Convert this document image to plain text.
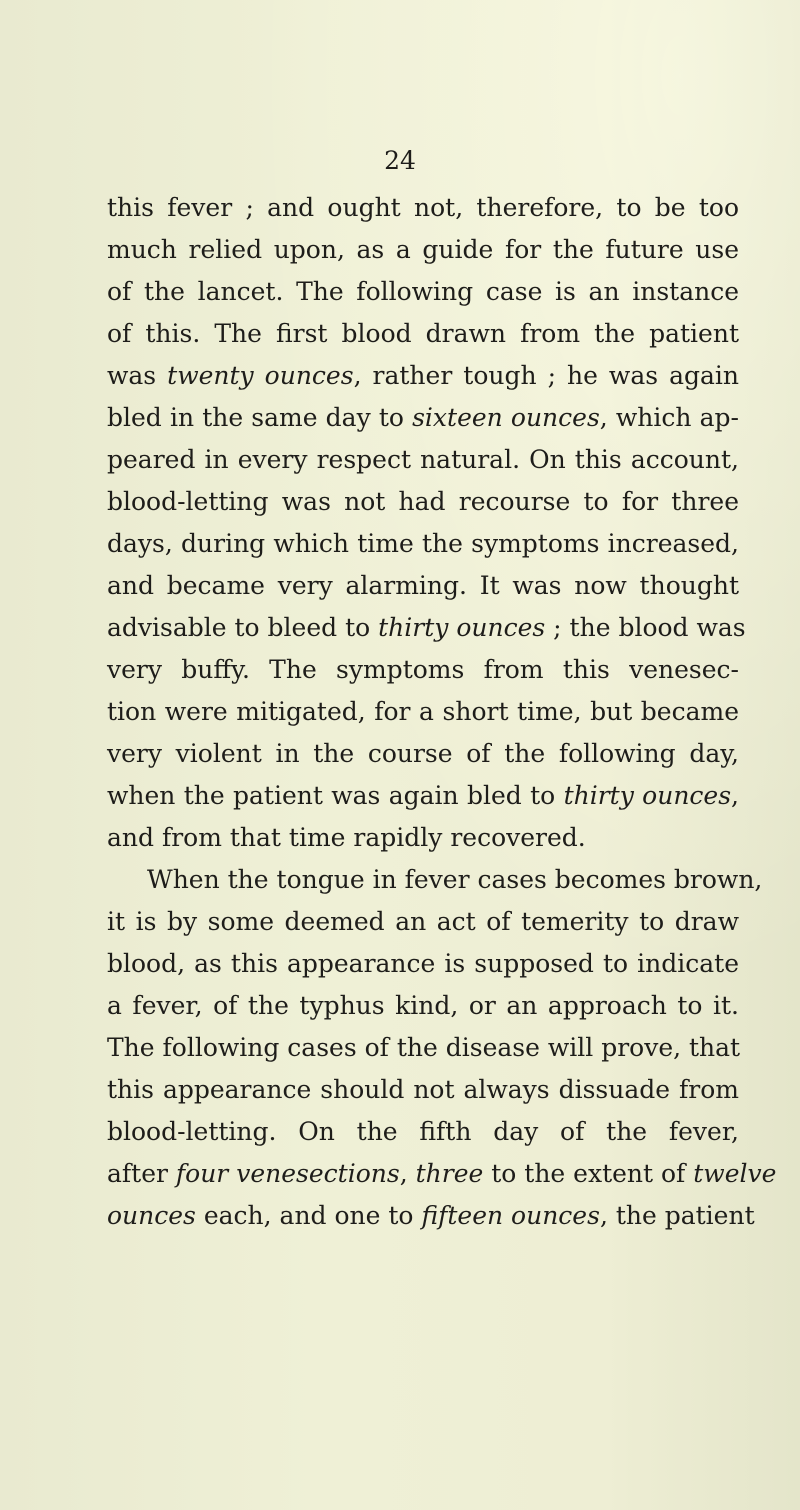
24
this fever ; and ought not, therefore, to be too
much relied upon, as a guide for the future use
of the lancet. The following case is an instance
of this. The first blood drawn from the patient
was twenty ounces, rather tough ; he was again
bled in the same day to sixteen ounces, which ap-
peared in every respect natural. On this account,
blood-letting was not had recourse to for three
days, during which time the symptoms increased,
and became very alarming. It was now thought
advisable to bleed to thirty ounces ; the blood was
very buffy. The symptoms from this venesec-
tion were mitigated, for a short time, but became
very violent in the course of the following day,
when the patient was again bled to thirty ounces,
and from that time rapidly recovered.
When the tongue in fever cases becomes brown,
it is by some deemed an act of temerity to draw
blood, as this appearance is supposed to indicate
a fever, of the typhus kind, or an approach to it.
The following cases of the disease will prove, that
this appearance should not always dissuade from
blood-letting. On the fifth day of the fever,
after four venesections, three to the extent of twelve
ounces each, and one to fifteen ounces, the patient
